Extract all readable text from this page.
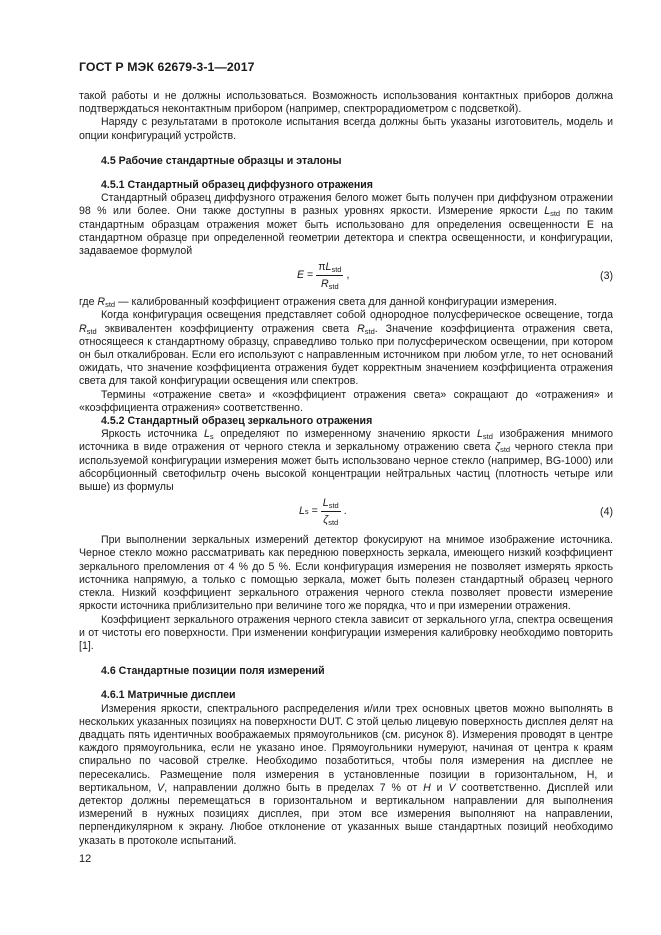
ГОСТ Р МЭК 62679-3-1—2017

такой работы и не должны использоваться. Возможность использования контактных приборов должна подтверждаться неконтактным прибором (например, спектрорадиометром с подсветкой).

Наряду с результатами в протоколе испытания всегда должны быть указаны изготовитель, модель и опции конфигураций устройств.

4.5 Рабочие стандартные образцы и эталоны
4.5.1 Стандартный образец диффузного отражения

Стандартный образец диффузного отражения белого может быть получен при диффузном отражении 98 % или более. Они также доступны в разных уровнях яркости. Измерение яркости $L_{std}$ по таким стандартным образцам отражения может быть использовано для определения освещенности E на стандартном образце при определенной геометрии детектора и спектра освещенности, и конфигурации, задаваемое формулой

E
= $\frac{\pi L_{std}}{R_{std}}$ ,	(3)

где $R_{std}$ — калиброванный коэффициент отражения света для данной конфигурации измерения.

Когда конфигурация освещения представляет собой однородное полусферическое освещение, тогда $R_{std}$ эквивалентен коэффициенту отражения света $R_{std}$. Значение коэффициента отражения света, относящееся к стандартному образцу, справедливо только при полусферическом освещении, при котором он был откалиброван. Если его используют с направленным источником при любом угле, то нет оснований ожидать, что значение коэффициента отражения будет корректным значением коэффициента отражения света для такой конфигурации освещения или спектров.

Термины «отражение света» и «коэффициент отражения света» сокращают до «отражения» и «коэффициента отражения» соответственно.

4.5.2 Стандартный образец зеркального отражения

Яркость источника $L_s$ определяют по измеренному значению яркости $L_{std}$ изображения мнимого источника в виде отражения от черного стекла и зеркальному отражению света $\zeta_{std}$ черного стекла при используемой конфигурации измерения может быть использовано черное стекло (например, BG-1000) или абсорбционный светофильтр очень высокой концентрации нейтральных частиц (плотность четыре или выше) из формулы

L s
= $\frac{L_{std}}{\zeta_{std}}$ .	(4)

При выполнении зеркальных измерений детектор фокусируют на мнимое изображение источника. Черное стекло можно рассматривать как переднюю поверхность зеркала, имеющего низкий коэффициент зеркального преломления от 4 % до 5 %. Если конфигурация измерения не позволяет измерять яркость источника напрямую, а только с помощью зеркала, может быть полезен стандартный образец черного стекла. Низкий коэффициент зеркального отражения черного стекла позволяет провести измерение яркости источника приблизительно при величине того же порядка, что и при измерении отражения.

Коэффициент зеркального отражения черного стекла зависит от зеркального угла, спектра освещения и от чистоты его поверхности. При изменении конфигурации измерения калибровку необходимо повторить [1].

4.6 Стандартные позиции поля измерений
4.6.1 Матричные дисплеи

Измерения яркости, спектрального распределения и/или трех основных цветов можно выполнять в нескольких указанных позициях на поверхности DUT. С этой целью лицевую поверхность дисплея делят на двадцать пять идентичных воображаемых прямоугольников (см. рисунок 8). Измерения проводят в центре каждого прямоугольника, если не указано иное. Прямоугольники нумеруют, начиная от центра к краям спирально по часовой стрелке. Необходимо позаботиться, чтобы поля измерения на дисплее не пересекались. Размещение поля измерения в установленные позиции в горизонтальном, H, и вертикальном, V, направлении должно быть в пределах 7 % от H и V соответственно. Дисплей или детектор должны перемещаться в горизонтальном и вертикальном направлении для выполнения измерений в нужных позициях дисплея, при этом все измерения выполняют на направлении, перпендикулярном к экрану. Любое отклонение от указанных выше стандартных позиций необходимо указать в протоколе испытаний.

12
